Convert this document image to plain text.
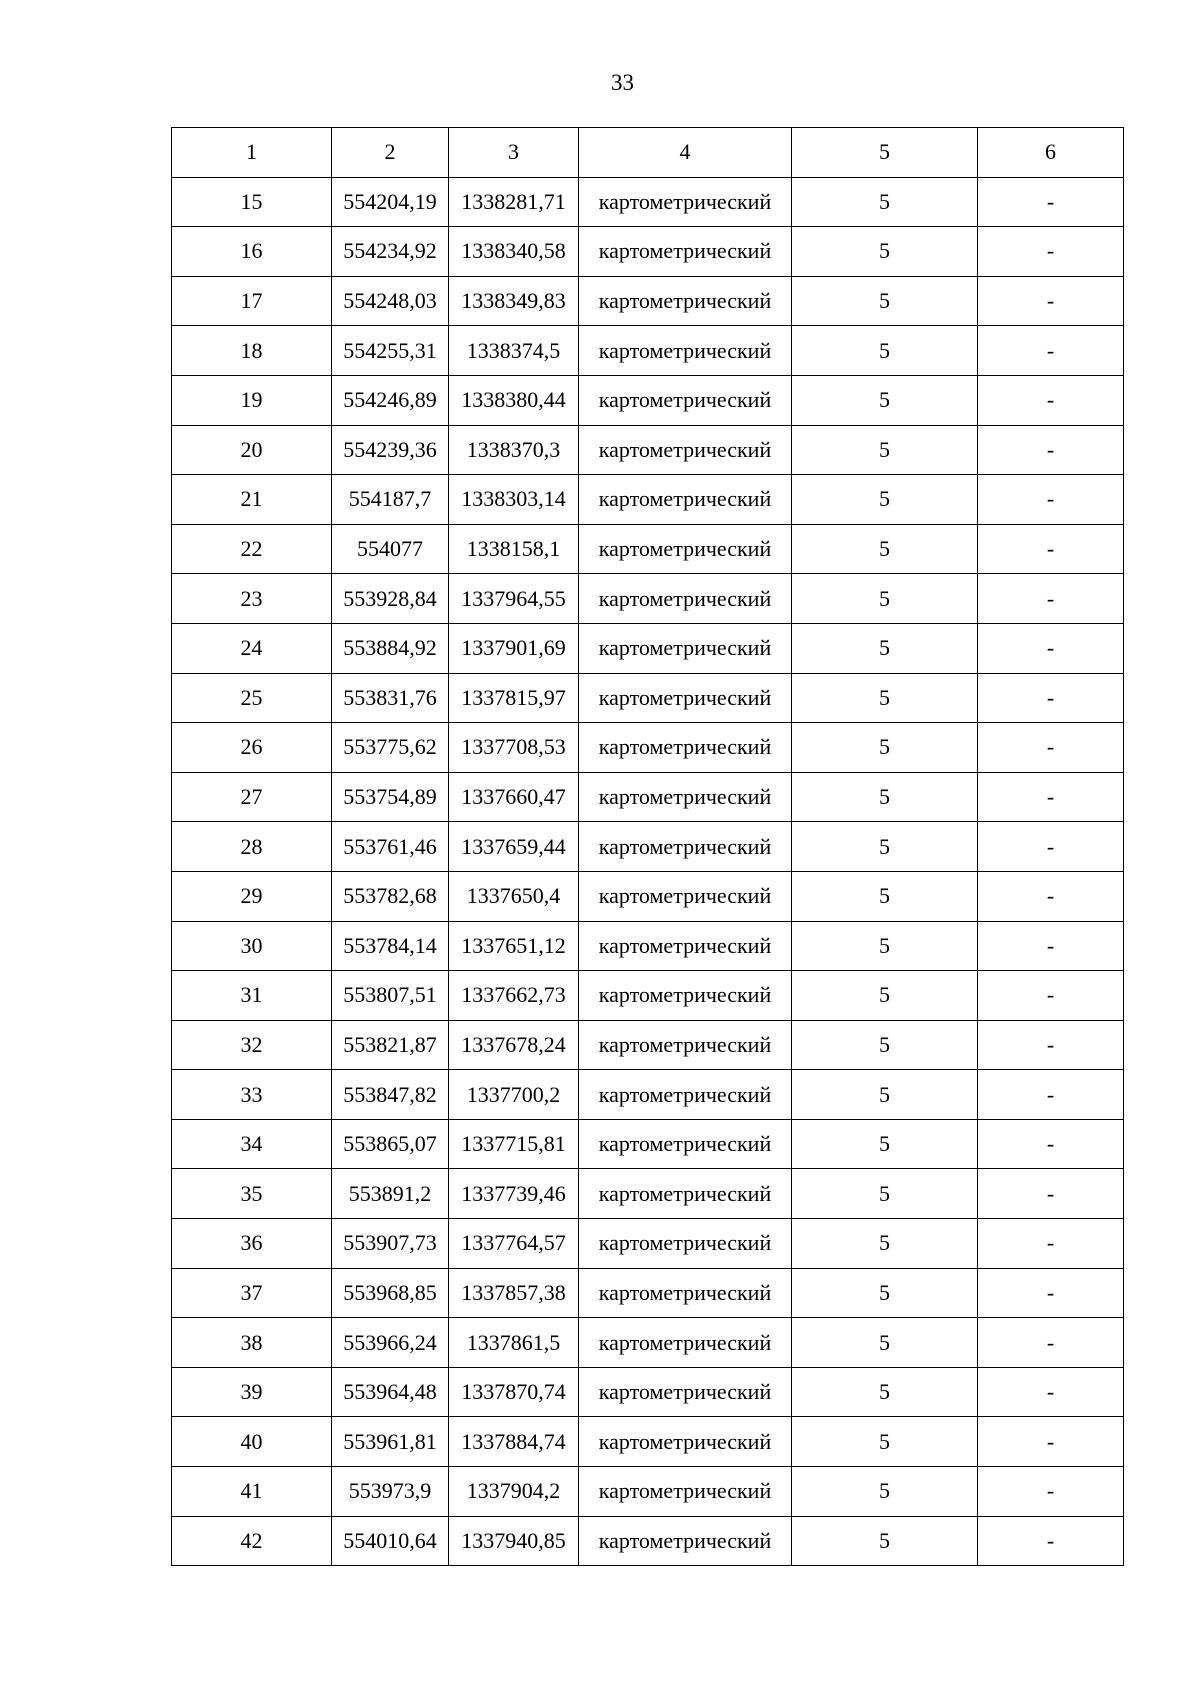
33
1	2	3	4	5	6
15	554204,19	1338281,71	картометрический	5	-
16	554234,92	1338340,58	картометрический	5	-
17	554248,03	1338349,83	картометрический	5	-
18	554255,31	1338374,5	картометрический	5	-
19	554246,89	1338380,44	картометрический	5	-
20	554239,36	1338370,3	картометрический	5	-
21	554187,7	1338303,14	картометрический	5	-
22	554077	1338158,1	картометрический	5	-
23	553928,84	1337964,55	картометрический	5	-
24	553884,92	1337901,69	картометрический	5	-
25	553831,76	1337815,97	картометрический	5	-
26	553775,62	1337708,53	картометрический	5	-
27	553754,89	1337660,47	картометрический	5	-
28	553761,46	1337659,44	картометрический	5	-
29	553782,68	1337650,4	картометрический	5	-
30	553784,14	1337651,12	картометрический	5	-
31	553807,51	1337662,73	картометрический	5	-
32	553821,87	1337678,24	картометрический	5	-
33	553847,82	1337700,2	картометрический	5	-
34	553865,07	1337715,81	картометрический	5	-
35	553891,2	1337739,46	картометрический	5	-
36	553907,73	1337764,57	картометрический	5	-
37	553968,85	1337857,38	картометрический	5	-
38	553966,24	1337861,5	картометрический	5	-
39	553964,48	1337870,74	картометрический	5	-
40	553961,81	1337884,74	картометрический	5	-
41	553973,9	1337904,2	картометрический	5	-
42	554010,64	1337940,85	картометрический	5	-
